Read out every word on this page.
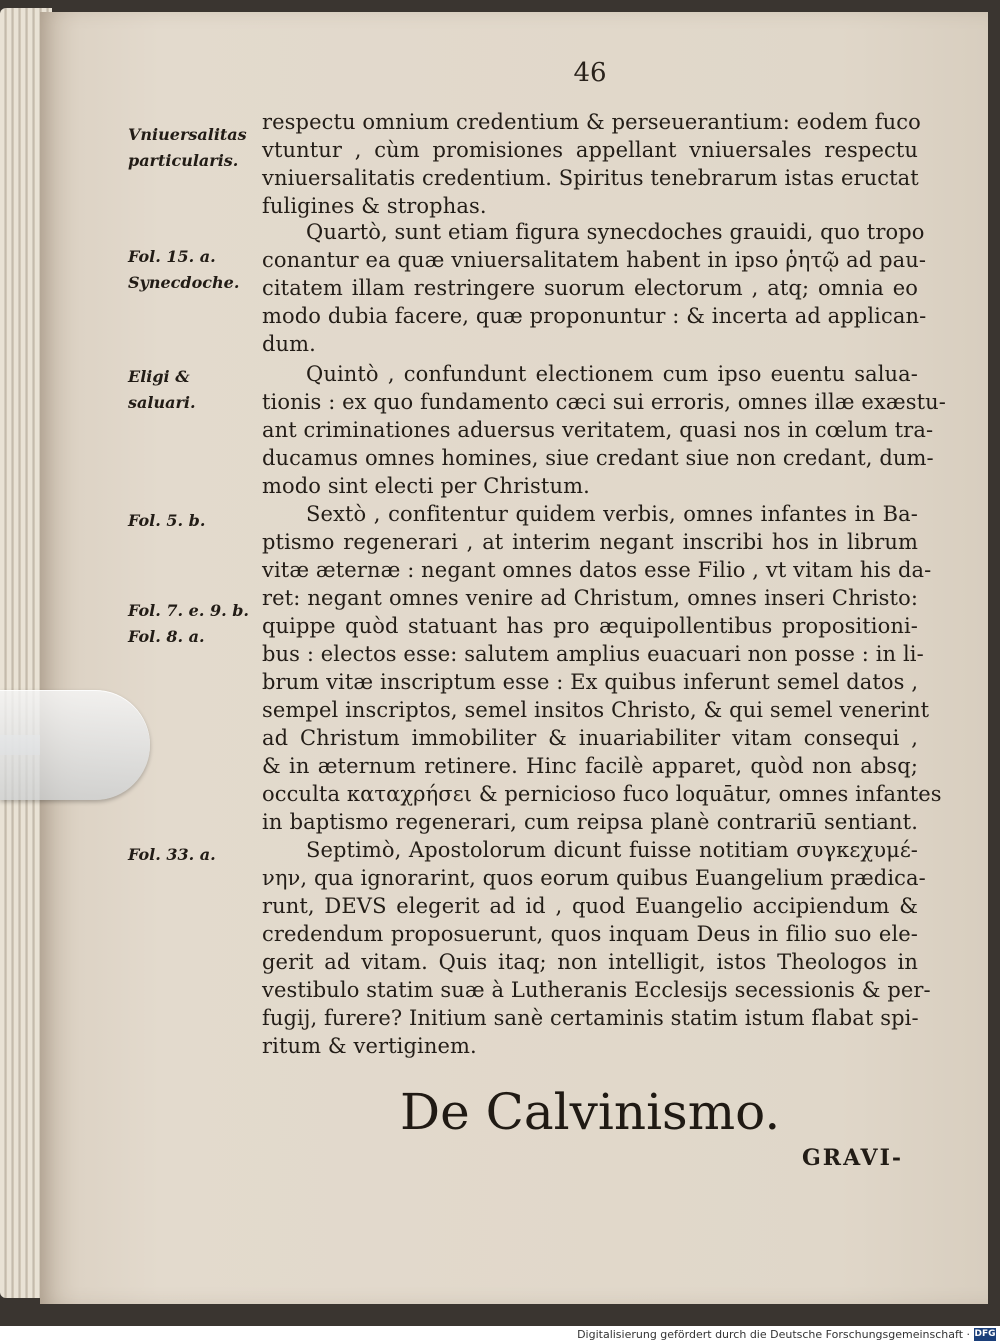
46
Vniuersalitas particularis.
Fol. 15. a. Synecdoche.
Eligi & saluari.
Fol. 5. b.
Fol. 7. e. 9. b.
Fol. 8. a.
Fol. 33. a.
respectu omnium credentium & perseuerantium: eodem fuco
vtuntur , cùm promisiones appellant vniuersales respectu
vniuersalitatis credentium. Spiritus tenebrarum istas eructat
fuligines & strophas.
Quartò, sunt etiam figura synecdoches grauidi, quo tropo
conantur ea quæ vniuersalitatem habent in ipso ῥητῷ ad pau-
citatem illam restringere suorum electorum , atq; omnia eo
modo dubia facere, quæ proponuntur : & incerta ad applican-
dum.
Quintò , confundunt electionem cum ipso euentu salua-
tionis : ex quo fundamento cæci sui erroris, omnes illæ exæstu-
ant criminationes aduersus veritatem, quasi nos in cœlum tra-
ducamus omnes homines, siue credant siue non credant, dum-
modo sint electi per Christum.
Sextò , confitentur quidem verbis, omnes infantes in Ba-
ptismo regenerari , at interim negant inscribi hos in librum
vitæ æternæ : negant omnes datos esse Filio , vt vitam his da-
ret: negant omnes venire ad Christum, omnes inseri Christo:
quippe quòd statuant has pro æquipollentibus propositioni-
bus : electos esse: salutem amplius euacuari non posse : in li-
brum vitæ inscriptum esse : Ex quibus inferunt semel datos ,
sempel inscriptos, semel insitos Christo, & qui semel venerint
ad Christum immobiliter & inuariabiliter vitam consequi ,
& in æternum retinere. Hinc facilè apparet, quòd non absq;
occulta καταχρήσει & perniciosо fuco loquātur, omnes infantes
in baptismo regenerari, cum reipsa planè contrariū sentiant.
Septimò, Apostolorum dicunt fuisse notitiam συγκεχυμέ-
νην, qua ignorarint, quos eorum quibus Euangelium prædica-
runt, DEVS elegerit ad id , quod Euangelio accipiendum &
credendum proposuerunt, quos inquam Deus in filio suo ele-
gerit ad vitam. Quis itaq; non intelligit, istos Theologos in
vestibulo statim suæ à Lutheranis Ecclesijs secessionis & per-
fugij, furere? Initium sanè certaminis statim istum flabat spi-
ritum & vertiginem.
De Calvinismo.
GRAVI-
Digitalisierung gefördert durch die Deutsche Forschungsgemeinschaft · DFG
